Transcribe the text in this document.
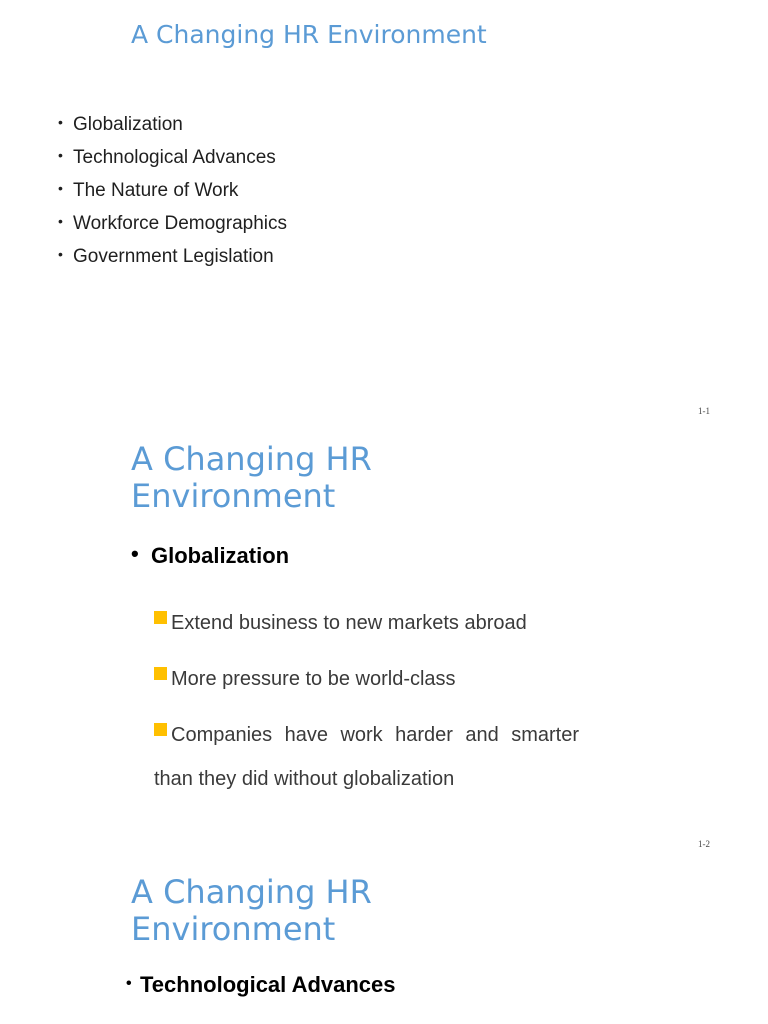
A Changing HR Environment
• Globalization
• Technological Advances
• The Nature of Work
• Workforce Demographics
• Government Legislation
1-1
A Changing HR Environment
• Globalization
Extend business to new markets abroad
More pressure to be world-class
Companies have work harder and smarter than they did without globalization
1-2
A Changing HR Environment
• Technological Advances
